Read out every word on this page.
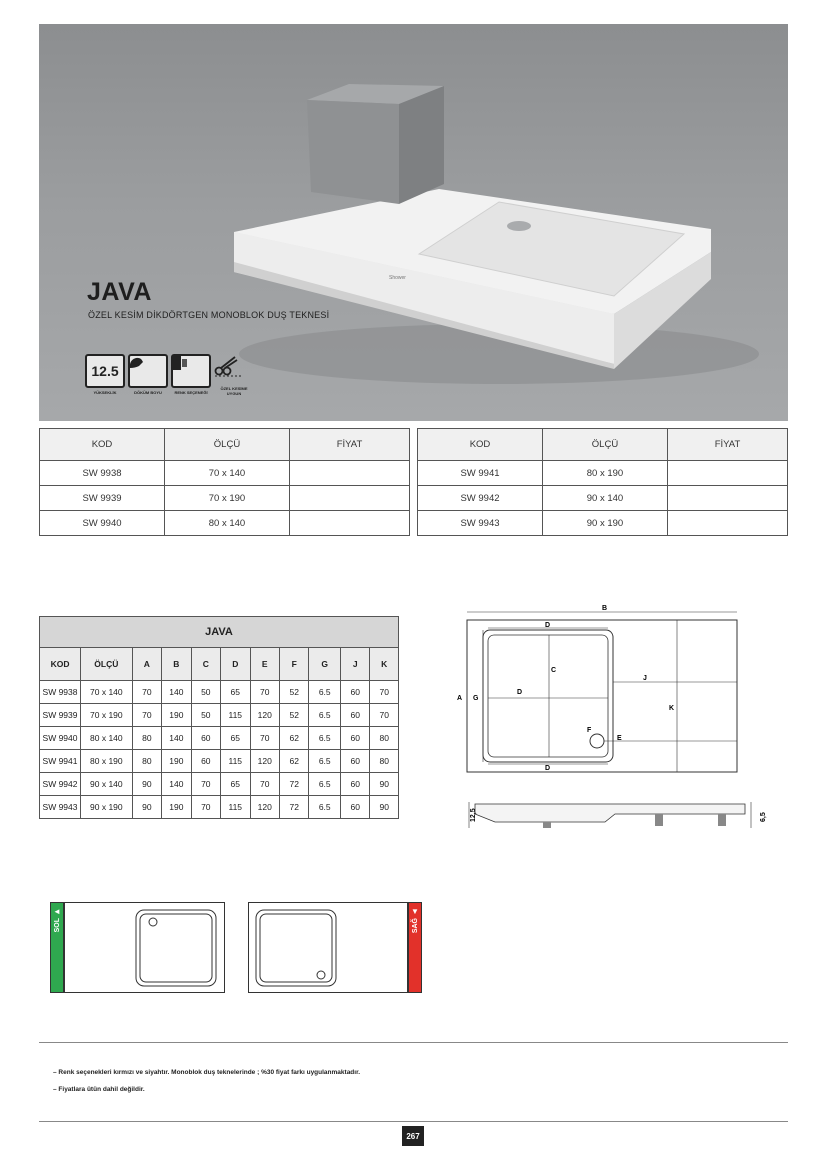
Shower
JAVA
ÖZEL KESİM DİKDÖRTGEN MONOBLOK DUŞ TEKNESİ
12.5
YÜKSEKLİK	DÖKÜM BOYU	RENK SEÇENEĞİ
ÖZEL KESİME UYGUN
KOD	ÖLÇÜ	FİYAT
SW 9938	70 x 140	
SW 9939	70 x 190	
SW 9940	80 x 140	
KOD	ÖLÇÜ	FİYAT
SW 9941	80 x 190	
SW 9942	90 x 140	
SW 9943	90 x 190	
JAVA										
KOD	ÖLÇÜ	A	B	C	D	E	F	G	J	K
SW 9938	70 x 140	70	140	50	65	70	52	6.5	60	70
SW 9939	70 x 190	70	190	50	115	120	52	6.5	60	70
SW 9940	80 x 140	80	140	60	65	70	62	6.5	60	80
SW 9941	80 x 190	80	190	60	115	120	62	6.5	60	80
SW 9942	90 x 140	90	140	70	65	70	72	6.5	60	90
SW 9943	90 x 190	90	190	70	115	120	72	6.5	60	90
B
D
D
C
D
A G
F
E
J
K
12,5	6,5
◄
SOL
▼
SAĞ
– Renk seçenekleri kırmızı ve siyahtır. Monoblok duş teknelerinde ; %30 fiyat farkı uygulanmaktadır.
– Fiyatlara ütün dahil değildir.
267
